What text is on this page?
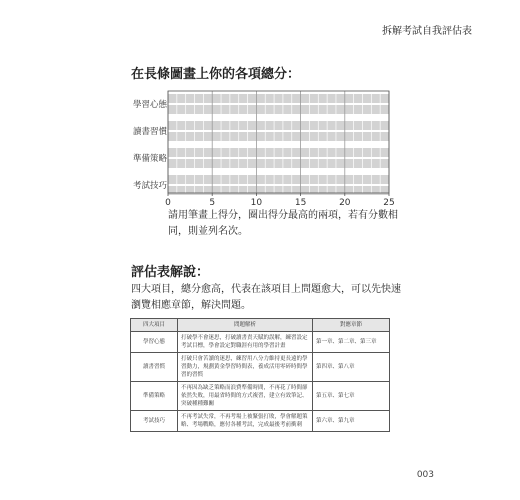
拆解考試自我評估表
在長條圖畫上你的各項總分：
學習心態
讀書習慣
準備策略
考試技巧
0	5	10	15	20	25
請用筆畫上得分，圈出得分最高的兩項，若有分數相同，則並列名次。
評估表解說：
四大項目，總分愈高，代表在該項目上問題愈大，可以先快速瀏覽相應章節，解決問題。
四大項目	問題解析	對應章節
學習心態	打破學不會迷思，打破讀書責天賦的誤解，練習設定考試目標，學會設定對職涯有用的學習計畫	第一章、第二章、第三章
讀書習慣	打破只會苦讀的迷思，練習用八分力維持更長遠的學習動力，規劃黃金學習時間表，養成活用零碎時間學習的習慣	第四章、第八章
準備策略	不再因為缺乏策略而浪費準備時間，不再花了時間卻依然失敗，用最省時間的方式複習，建立有效筆記、突破種種難關	第五章、第七章
考試技巧	不再考試失常，不再考場上被緊張打敗，學會解題策略、考場戰略，應付各種考試，完成最後考前衝刺	第六章、第九章
003
